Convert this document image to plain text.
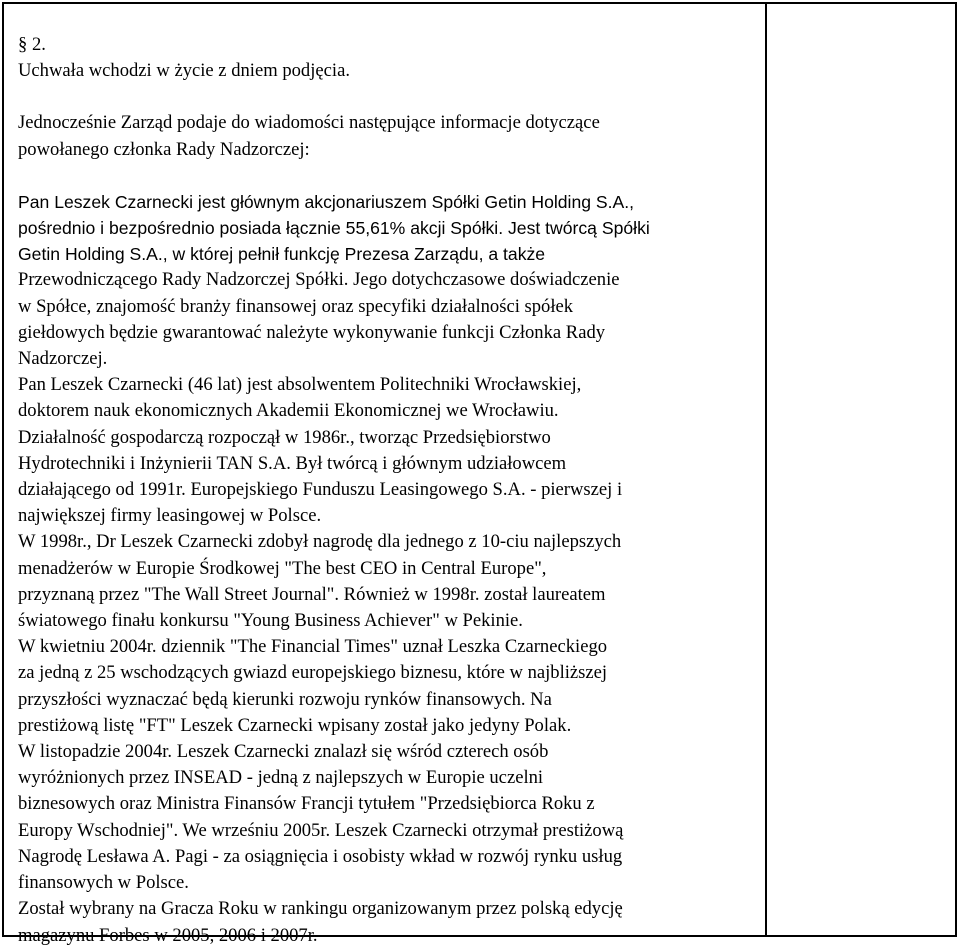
§ 2.
Uchwała wchodzi w życie z dniem podjęcia.
Jednocześnie Zarząd podaje do wiadomości następujące informacje dotyczące
powołanego członka Rady Nadzorczej:
Pan Leszek Czarnecki jest głównym akcjonariuszem Spółki Getin Holding S.A.,
pośrednio i bezpośrednio posiada łącznie 55,61% akcji Spółki. Jest twórcą Spółki
Getin Holding S.A., w której pełnił funkcję Prezesa Zarządu, a także
Przewodniczącego Rady Nadzorczej Spółki. Jego dotychczasowe doświadczenie
w Spółce, znajomość branży finansowej oraz specyfiki działalności spółek
giełdowych będzie gwarantować należyte wykonywanie funkcji Członka Rady
Nadzorczej.
Pan Leszek Czarnecki (46 lat) jest absolwentem Politechniki Wrocławskiej,
doktorem nauk ekonomicznych Akademii Ekonomicznej we Wrocławiu.
Działalność gospodarczą rozpoczął w 1986r., tworząc Przedsiębiorstwo
Hydrotechniki i Inżynierii TAN S.A. Był twórcą i głównym udziałowcem
działającego od 1991r. Europejskiego Funduszu Leasingowego S.A. - pierwszej i
największej firmy leasingowej w Polsce.
W 1998r., Dr Leszek Czarnecki zdobył nagrodę dla jednego z 10-ciu najlepszych
menadżerów w Europie Środkowej "The best CEO in Central Europe",
przyznaną przez "The Wall Street Journal". Również w 1998r. został laureatem
światowego finału konkursu "Young Business Achiever" w Pekinie.
W kwietniu 2004r. dziennik "The Financial Times" uznał Leszka Czarneckiego
za jedną z 25 wschodzących gwiazd europejskiego biznesu, które w najbliższej
przyszłości wyznaczać będą kierunki rozwoju rynków finansowych. Na
prestiżową listę "FT" Leszek Czarnecki wpisany został jako jedyny Polak.
W listopadzie 2004r. Leszek Czarnecki znalazł się wśród czterech osób
wyróżnionych przez INSEAD - jedną z najlepszych w Europie uczelni
biznesowych oraz Ministra Finansów Francji tytułem "Przedsiębiorca Roku z
Europy Wschodniej". We wrześniu 2005r. Leszek Czarnecki otrzymał prestiżową
Nagrodę Lesława A. Pagi - za osiągnięcia i osobisty wkład w rozwój rynku usług
finansowych w Polsce.
Został wybrany na Gracza Roku w rankingu organizowanym przez polską edycję
magazynu Forbes w 2005, 2006 i 2007r.
